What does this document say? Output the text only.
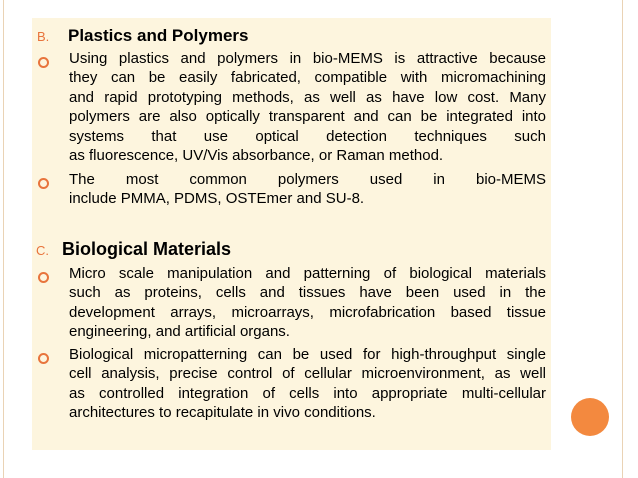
B. Plastics and Polymers
Using plastics and polymers in bio-MEMS is attractive because
they can be easily fabricated, compatible with micromachining
and rapid prototyping methods, as well as have low cost. Many
polymers are also optically transparent and can be integrated into
systems that use optical detection techniques such
as fluorescence, UV/Vis absorbance, or Raman method.
The most common polymers used in bio-MEMS
include PMMA, PDMS, OSTEmer and SU-8.
C. Biological Materials
Micro scale manipulation and patterning of biological materials
such as proteins, cells and tissues have been used in the
development arrays, microarrays, microfabrication based tissue
engineering, and artificial organs.
Biological micropatterning can be used for high-throughput single
cell analysis, precise control of cellular microenvironment, as well
as controlled integration of cells into appropriate multi-cellular
architectures to recapitulate in vivo conditions.
